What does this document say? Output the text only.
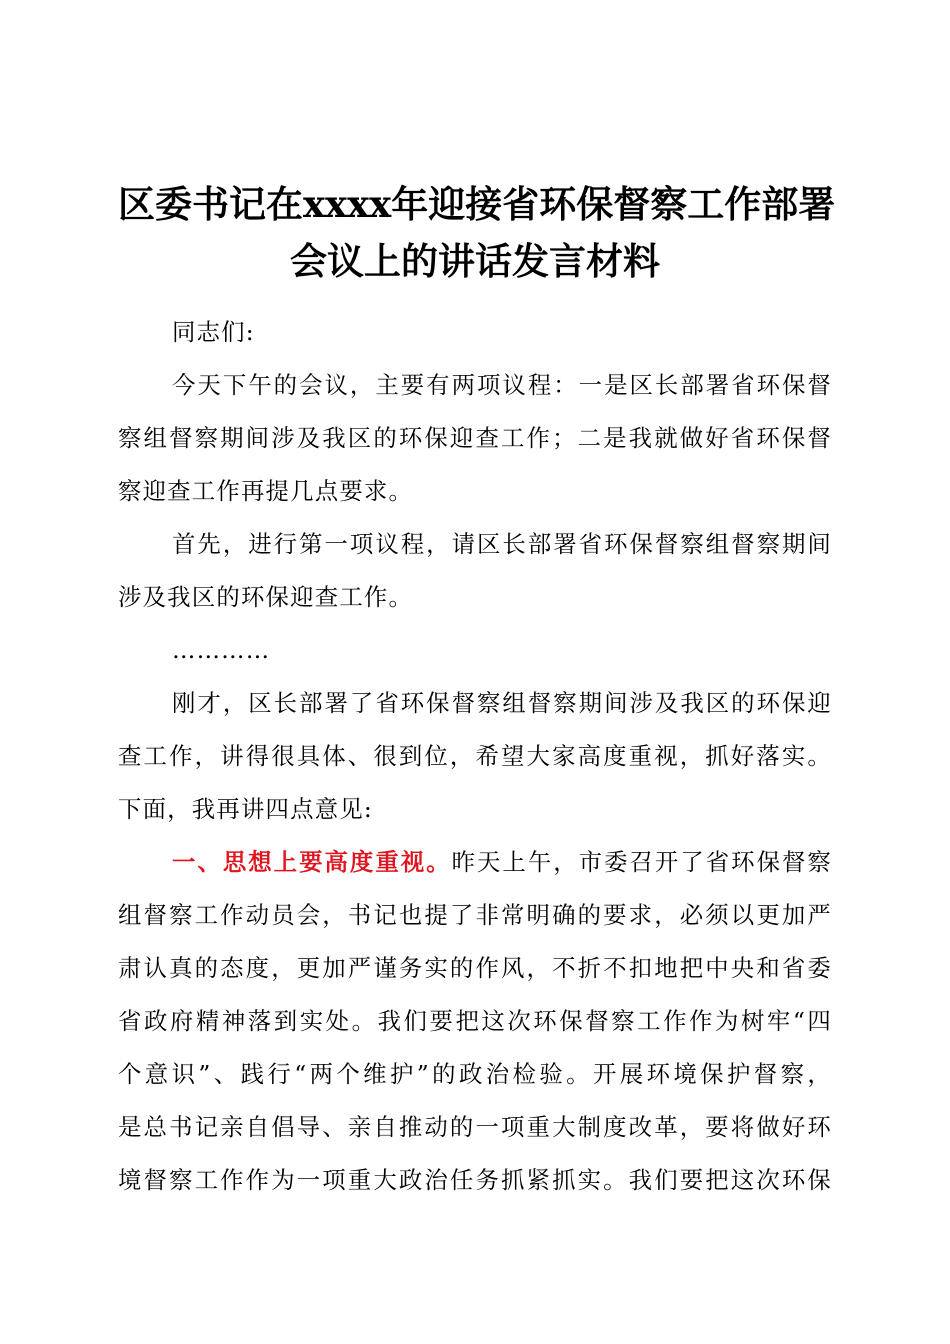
区委书记在xxxx年迎接省环保督察工作部署
会议上的讲话发言材料
同志们:
今天下午的会议，主要有两项议程：一是区长部署省环保督
察组督察期间涉及我区的环保迎查工作；二是我就做好省环保督
察迎查工作再提几点要求。
首先，进行第一项议程，请区长部署省环保督察组督察期间
涉及我区的环保迎查工作。
…………
刚才，区长部署了省环保督察组督察期间涉及我区的环保迎
查工作，讲得很具体、很到位，希望大家高度重视，抓好落实。
下面，我再讲四点意见:
一、思想上要高度重视。昨天上午，市委召开了省环保督察
组督察工作动员会，书记也提了非常明确的要求，必须以更加严
肃认真的态度，更加严谨务实的作风，不折不扣地把中央和省委
省政府精神落到实处。我们要把这次环保督察工作作为树牢“四
个意识”、践行“两个维护”的政治检验。开展环境保护督察，
是总书记亲自倡导、亲自推动的一项重大制度改革，要将做好环
境督察工作作为一项重大政治任务抓紧抓实。我们要把这次环保
